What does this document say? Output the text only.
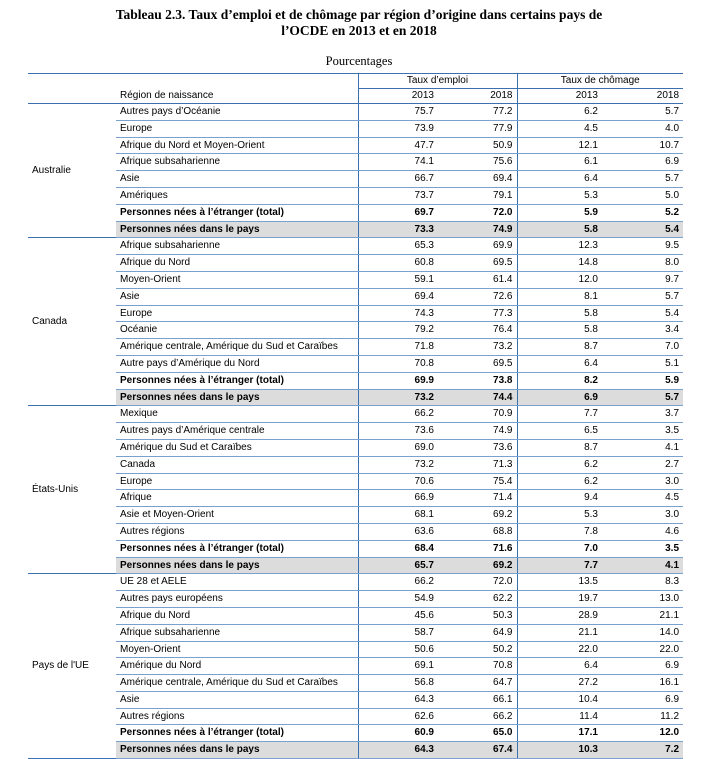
Tableau 2.3. Taux d’emploi et de chômage par région d’origine dans certains pays de
l’OCDE en 2013 et en 2018
Pourcentages
		Taux d’emploi		Taux de chômage	
	Région de naissance	2013	2018	2013	2018
Australie	Autres pays d’Océanie	75.7	77.2	6.2	5.7
	Europe	73.9	77.9	4.5	4.0
	Afrique du Nord et Moyen-Orient	47.7	50.9	12.1	10.7
	Afrique subsaharienne	74.1	75.6	6.1	6.9
	Asie	66.7	69.4	6.4	5.7
	Amériques	73.7	79.1	5.3	5.0
	Personnes nées à l’étranger (total)	69.7	72.0	5.9	5.2
	Personnes nées dans le pays	73.3	74.9	5.8	5.4
Canada	Afrique subsaharienne	65.3	69.9	12.3	9.5
	Afrique du Nord	60.8	69.5	14.8	8.0
	Moyen-Orient	59.1	61.4	12.0	9.7
	Asie	69.4	72.6	8.1	5.7
	Europe	74.3	77.3	5.8	5.4
	Océanie	79.2	76.4	5.8	3.4
	Amérique centrale, Amérique du Sud et Caraïbes	71.8	73.2	8.7	7.0
	Autre pays d’Amérique du Nord	70.8	69.5	6.4	5.1
	Personnes nées à l’étranger (total)	69.9	73.8	8.2	5.9
	Personnes nées dans le pays	73.2	74.4	6.9	5.7
États-Unis	Mexique	66.2	70.9	7.7	3.7
	Autres pays d’Amérique centrale	73.6	74.9	6.5	3.5
	Amérique du Sud et Caraïbes	69.0	73.6	8.7	4.1
	Canada	73.2	71.3	6.2	2.7
	Europe	70.6	75.4	6.2	3.0
	Afrique	66.9	71.4	9.4	4.5
	Asie et Moyen-Orient	68.1	69.2	5.3	3.0
	Autres régions	63.6	68.8	7.8	4.6
	Personnes nées à l’étranger (total)	68.4	71.6	7.0	3.5
	Personnes nées dans le pays	65.7	69.2	7.7	4.1
Pays de l'UE	UE 28 et AELE	66.2	72.0	13.5	8.3
	Autres pays européens	54.9	62.2	19.7	13.0
	Afrique du Nord	45.6	50.3	28.9	21.1
	Afrique subsaharienne	58.7	64.9	21.1	14.0
	Moyen-Orient	50.6	50.2	22.0	22.0
	Amérique du Nord	69.1	70.8	6.4	6.9
	Amérique centrale, Amérique du Sud et Caraïbes	56.8	64.7	27.2	16.1
	Asie	64.3	66.1	10.4	6.9
	Autres régions	62.6	66.2	11.4	11.2
	Personnes nées à l’étranger (total)	60.9	65.0	17.1	12.0
	Personnes nées dans le pays	64.3	67.4	10.3	7.2
